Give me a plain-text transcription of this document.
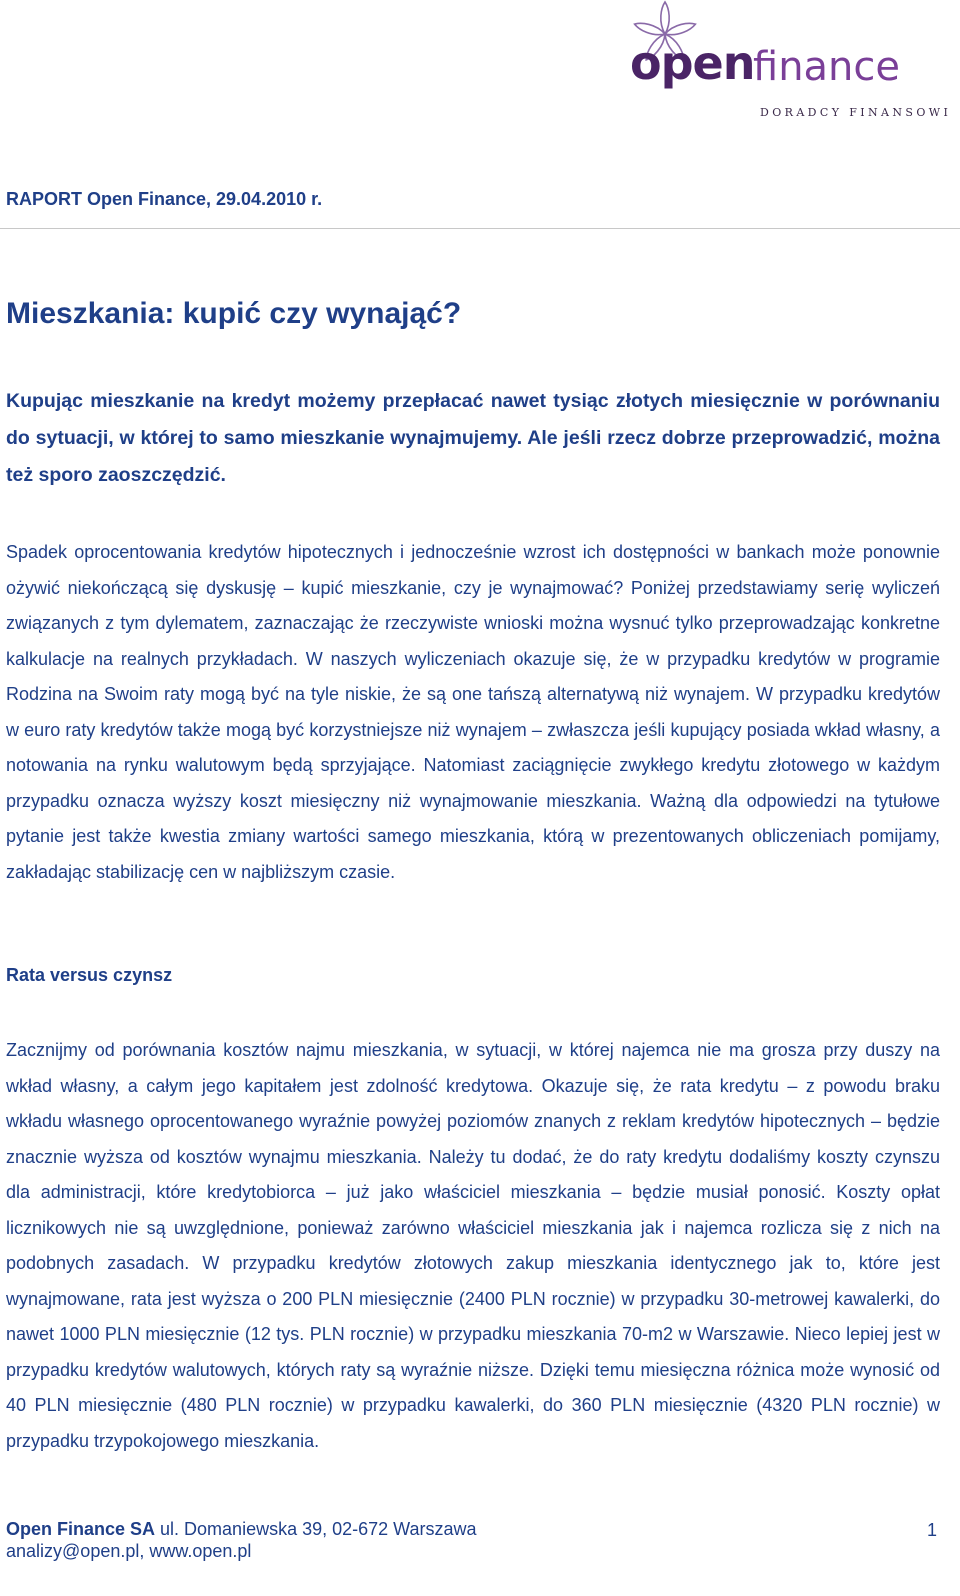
open
finance
DORADCY FINANSOWI

RAPORT Open Finance, 29.04.2010 r.

Mieszkania: kupić czy wynająć?

Kupując mieszkanie na kredyt możemy przepłacać nawet tysiąc złotych miesięcznie w porównaniu do sytuacji, w której to samo mieszkanie wynajmujemy. Ale jeśli rzecz dobrze przeprowadzić, można też sporo zaoszczędzić.

Spadek oprocentowania kredytów hipotecznych i jednocześnie wzrost ich dostępności w bankach może ponownie ożywić niekończącą się dyskusję – kupić mieszkanie, czy je wynajmować? Poniżej przedstawiamy serię wyliczeń związanych z tym dylematem, zaznaczając że rzeczywiste wnioski można wysnuć tylko przeprowadzając konkretne kalkulacje na realnych przykładach. W naszych wyliczeniach okazuje się, że w przypadku kredytów w programie Rodzina na Swoim raty mogą być na tyle niskie, że są one tańszą alternatywą niż wynajem. W przypadku kredytów w euro raty kredytów także mogą być korzystniejsze niż wynajem – zwłaszcza jeśli kupujący posiada wkład własny, a notowania na rynku walutowym będą sprzyjające. Natomiast zaciągnięcie zwykłego kredytu złotowego w każdym przypadku oznacza wyższy koszt miesięczny niż wynajmowanie mieszkania. Ważną dla odpowiedzi na tytułowe pytanie jest także kwestia zmiany wartości samego mieszkania, którą w prezentowanych obliczeniach pomijamy, zakładając stabilizację cen w najbliższym czasie.

Rata versus czynsz

Zacznijmy od porównania kosztów najmu mieszkania, w sytuacji, w której najemca nie ma grosza przy duszy na wkład własny, a całym jego kapitałem jest zdolność kredytowa. Okazuje się, że rata kredytu – z powodu braku wkładu własnego oprocentowanego wyraźnie powyżej poziomów znanych z reklam kredytów hipotecznych – będzie znacznie wyższa od kosztów wynajmu mieszkania. Należy tu dodać, że do raty kredytu dodaliśmy koszty czynszu dla administracji, które kredytobiorca – już jako właściciel mieszkania – będzie musiał ponosić. Koszty opłat licznikowych nie są uwzględnione, ponieważ zarówno właściciel mieszkania jak i najemca rozlicza się z nich na podobnych zasadach. W przypadku kredytów złotowych zakup mieszkania identycznego jak to, które jest wynajmowane, rata jest wyższa o 200 PLN miesięcznie (2400 PLN rocznie) w przypadku 30-metrowej kawalerki, do nawet 1000 PLN miesięcznie (12 tys. PLN rocznie) w przypadku mieszkania 70-m2 w Warszawie. Nieco lepiej jest w przypadku kredytów walutowych, których raty są wyraźnie niższe. Dzięki temu miesięczna różnica może wynosić od 40 PLN miesięcznie (480 PLN rocznie) w przypadku kawalerki, do 360 PLN miesięcznie (4320 PLN rocznie) w przypadku trzypokojowego mieszkania.

Open Finance SA ul. Domaniewska 39, 02-672 Warszawa
analizy@open.pl, www.open.pl
1
